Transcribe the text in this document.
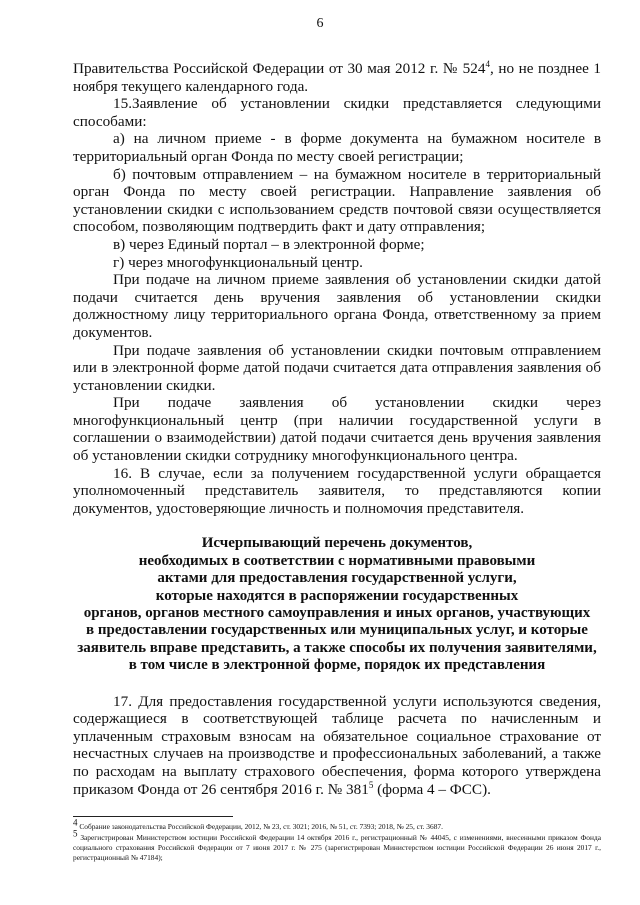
6

Правительства Российской Федерации от 30 мая 2012 г. № $524^4$, но не позднее 1 ноября текущего календарного года.

15.Заявление об установлении скидки представляется следующими способами:

а) на личном приеме - в форме документа на бумажном носителе в территориальный орган Фонда по месту своей регистрации;

б) почтовым отправлением – на бумажном носителе в территориальный орган Фонда по месту своей регистрации. Направление заявления об установлении скидки с использованием средств почтовой связи осуществляется способом, позволяющим подтвердить факт и дату отправления;

в) через Единый портал – в электронной форме;

г) через многофункциональный центр.

При подаче на личном приеме заявления об установлении скидки датой подачи считается день вручения заявления об установлении скидки должностному лицу территориального органа Фонда, ответственному за прием документов.

При подаче заявления об установлении скидки почтовым отправлением или в электронной форме датой подачи считается дата отправления заявления об установлении скидки.

При подаче заявления об установлении скидки через многофункциональный центр (при наличии государственной услуги в соглашении о взаимодействии) датой подачи считается день вручения заявления об установлении скидки сотруднику многофункционального центра.

16. В случае, если за получением государственной услуги обращается уполномоченный представитель заявителя, то представляются копии документов, удостоверяющие личность и полномочия представителя.

Исчерпывающий перечень документов,
необходимых в соответствии с нормативными правовыми
актами для предоставления государственной услуги,
которые находятся в распоряжении государственных
органов, органов местного самоуправления и иных органов, участвующих
в предоставлении государственных или муниципальных услуг, и которые
заявитель вправе представить, а также способы их получения заявителями,
в том числе в электронной форме, порядок их представления

17. Для предоставления государственной услуги используются сведения, содержащиеся в соответствующей таблице расчета по начисленным и уплаченным страховым взносам на обязательное социальное страхование от несчастных случаев на производстве и профессиональных заболеваний, а также по расходам на выплату страхового обеспечения, форма которого утверждена приказом Фонда от 26 сентября 2016 г. № $381^5$ (форма 4 – ФСС).

4 Собрание законодательства Российской Федерации, 2012, № 23, ст. 3021; 2016, № 51, ст. 7393; 2018, № 25, ст. 3687.

5 Зарегистрирован Министерством юстиции Российской Федерации 14 октября 2016 г., регистрационный № 44045, с изменениями, внесенными приказом Фонда социального страхования Российской Федерации от 7 июня 2017 г. № 275 (зарегистрирован Министерством юстиции Российской Федерации 26 июня 2017 г., регистрационный № 47184);
